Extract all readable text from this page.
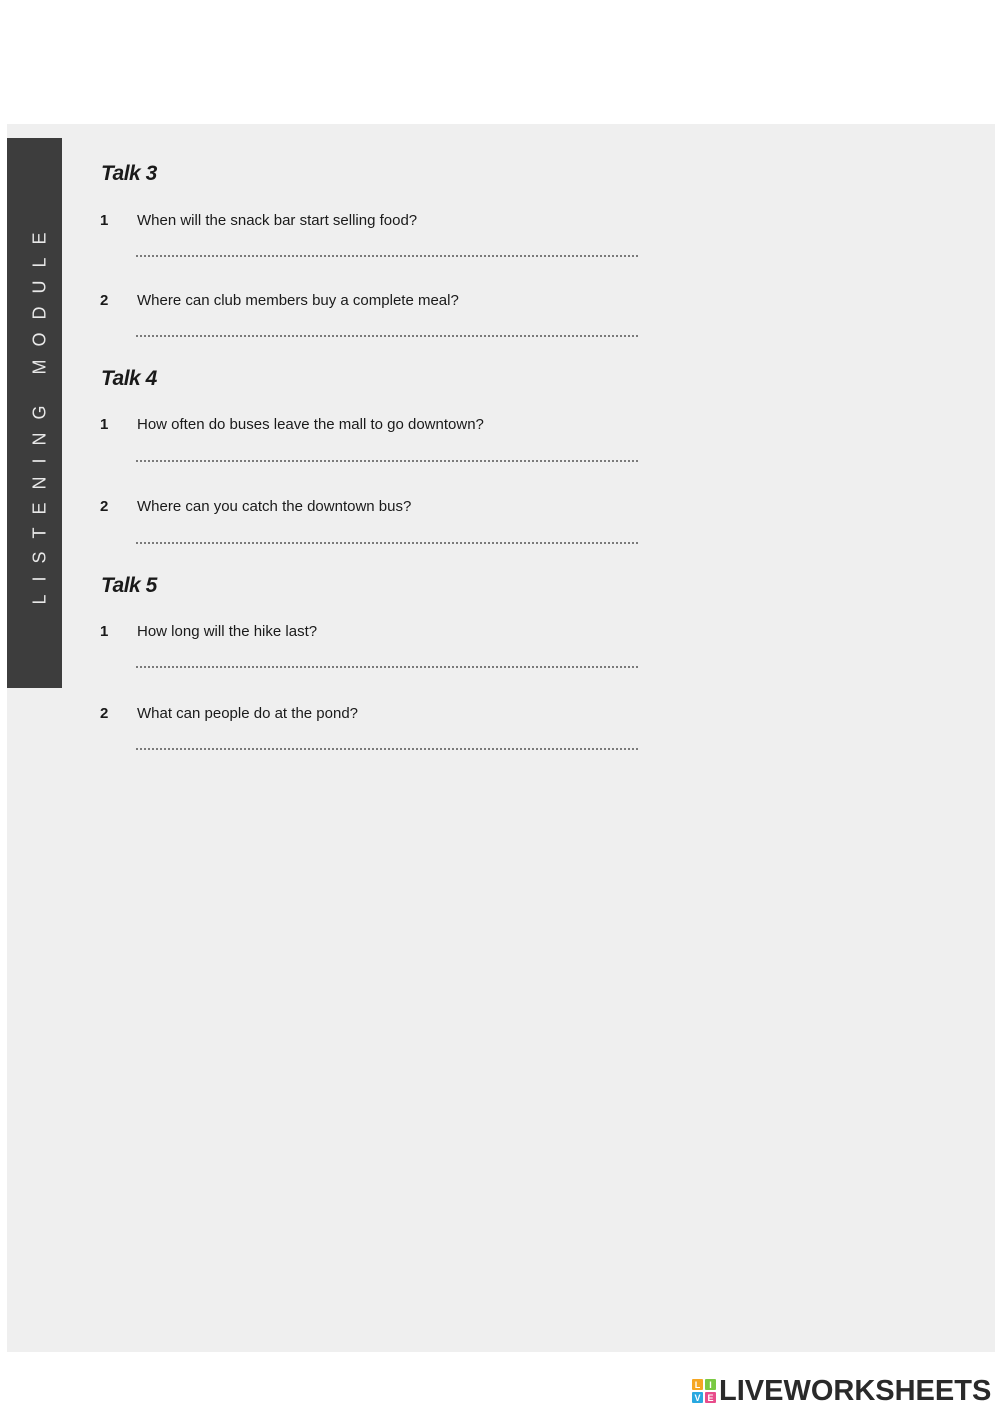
LISTENING MODULE
Talk 3
1 When will the snack bar start selling food?
2 Where can club members buy a complete meal?
Talk 4
1 How often do buses leave the mall to go downtown?
2 Where can you catch the downtown bus?
Talk 5
1 How long will the hike last?
2 What can people do at the pond?
L I
V E LIVEWORKSHEETS
